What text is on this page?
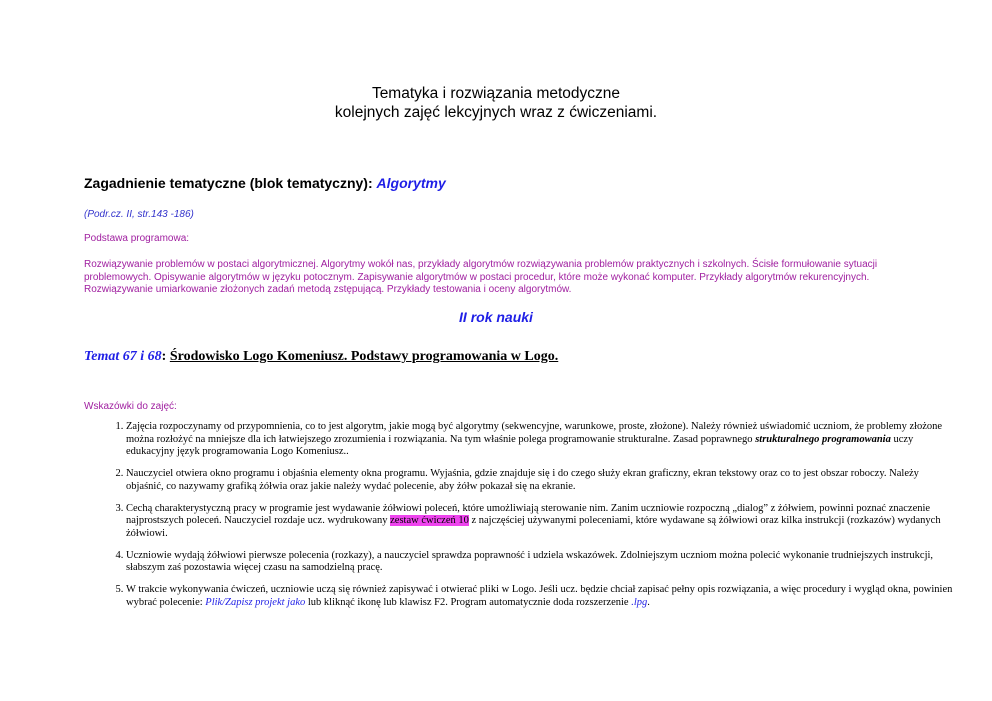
Tematyka i rozwiązania metodyczne
kolejnych zajęć lekcyjnych wraz z ćwiczeniami.
Zagadnienie tematyczne (blok tematyczny): Algorytmy
(Podr.cz. II, str.143 -186)
Podstawa programowa:
Rozwiązywanie problemów w postaci algorytmicznej. Algorytmy wokół nas, przykłady algorytmów rozwiązywania problemów praktycznych i szkolnych. Ścisłe formułowanie sytuacji problemowych. Opisywanie algorytmów w języku potocznym. Zapisywanie algorytmów w postaci procedur, które może wykonać komputer. Przykłady algorytmów rekurencyjnych. Rozwiązywanie umiarkowanie złożonych zadań metodą zstępującą. Przykłady testowania i oceny algorytmów.
II rok nauki
Temat 67 i 68: Środowisko Logo Komeniusz. Podstawy programowania w Logo.
Wskazówki do zajęć:
1. Zajęcia rozpoczynamy od przypomnienia, co to jest algorytm, jakie mogą być algorytmy (sekwencyjne, warunkowe, proste, złożone). Należy również uświadomić uczniom, że problemy złożone można rozłożyć na mniejsze dla ich łatwiejszego zrozumienia i rozwiązania. Na tym właśnie polega programowanie strukturalne. Zasad poprawnego strukturalnego programowania uczy edukacyjny język programowania Logo Komeniusz..
2. Nauczyciel otwiera okno programu i objaśnia elementy okna programu. Wyjaśnia, gdzie znajduje się i do czego służy ekran graficzny, ekran tekstowy oraz co to jest obszar roboczy. Należy objaśnić, co nazywamy grafiką żółwia oraz jakie należy wydać polecenie, aby żółw pokazał się na ekranie.
3. Cechą charakterystyczną pracy w programie jest wydawanie żółwiowi poleceń, które umożliwiają sterowanie nim. Zanim uczniowie rozpoczną „dialog” z żółwiem, powinni poznać znaczenie najprostszych poleceń. Nauczyciel rozdaje ucz. wydrukowany zestaw ćwiczeń 10 z najczęściej używanymi poleceniami, które wydawane są żółwiowi oraz kilka instrukcji (rozkazów) wydanych żółwiowi.
4. Uczniowie wydają żółwiowi pierwsze polecenia (rozkazy), a nauczyciel sprawdza poprawność i udziela wskazówek. Zdolniejszym uczniom można polecić wykonanie trudniejszych instrukcji, słabszym zaś pozostawia więcej czasu na samodzielną pracę.
5. W trakcie wykonywania ćwiczeń, uczniowie uczą się również zapisywać i otwierać pliki w Logo. Jeśli ucz. będzie chciał zapisać pełny opis rozwiązania, a więc procedury i wygląd okna, powinien wybrać polecenie: Plik/Zapisz projekt jako lub kliknąć ikonę lub klawisz F2. Program automatycznie doda rozszerzenie .lpg.
